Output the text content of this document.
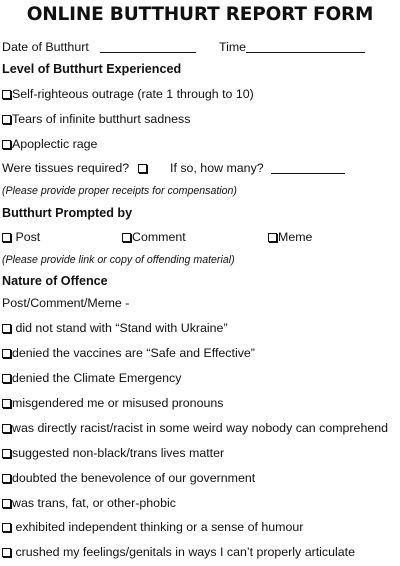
ONLINE BUTTHURT REPORT FORM
Date of Butthurt	Time
Level of Butthurt Experienced
Self-righteous outrage (rate 1 through to 10)
Tears of infinite butthurt sadness
Apoplectic rage
Were tissues required?	If so, how many?
(Please provide proper receipts for compensation)
Butthurt Prompted by
Post	Comment	Meme
(Please provide link or copy of offending material)
Nature of Offence
Post/Comment/Meme -
did not stand with “Stand with Ukraine”
denied the vaccines are “Safe and Effective”
denied the Climate Emergency
misgendered me or misused pronouns
was directly racist/racist in some weird way nobody can comprehend
suggested non-black/trans lives matter
doubted the benevolence of our government
was trans, fat, or other-phobic
exhibited independent thinking or a sense of humour
crushed my feelings/genitals in ways I can’t properly articulate
